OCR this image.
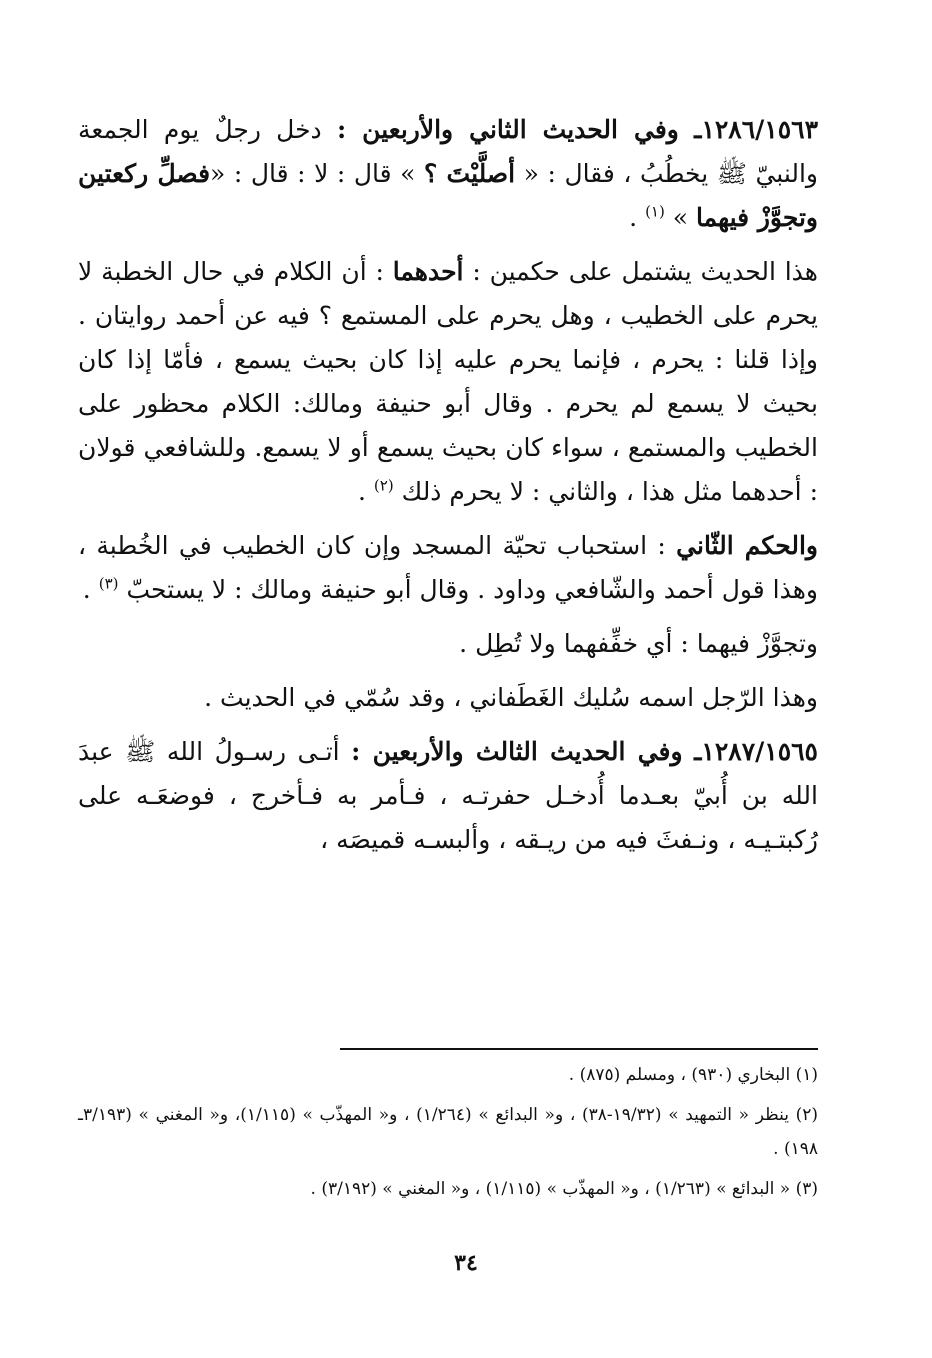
١٢٨٦/١٥٦٣ـ وفي الحديث الثاني والأربعين : دخل رجلٌ يوم الجمعة والنبيّ ﷺ يخطُبُ ، فقال : « أصلَّيْتَ ؟ » قال : لا : قال : «فصلِّ ركعتين وتجوَّزْ فيهما » $^{(١)}$ .

هذا الحديث يشتمل على حكمين : أحدهما : أن الكلام في حال الخطبة لا يحرم على الخطيب ، وهل يحرم على المستمع ؟ فيه عن أحمد روايتان . وإذا قلنا : يحرم ، فإنما يحرم عليه إذا كان بحيث يسمع ، فأمّا إذا كان بحيث لا يسمع لم يحرم . وقال أبو حنيفة ومالك: الكلام محظور على الخطيب والمستمع ، سواء كان بحيث يسمع أو لا يسمع. وللشافعي قولان : أحدهما مثل هذا ، والثاني : لا يحرم ذلك $^{(٢)}$ .

والحكم الثّاني : استحباب تحيّة المسجد وإن كان الخطيب في الخُطبة ، وهذا قول أحمد والشّافعي وداود . وقال أبو حنيفة ومالك : لا يستحبّ $^{(٣)}$ .

وتجوَّزْ فيهما : أي خفِّفهما ولا تُطِل .

وهذا الرّجل اسمه سُليك الغَطَفاني ، وقد سُمّي في الحديث .

١٢٨٧/١٥٦٥ـ وفي الحديث الثالث والأربعين : أتـى رسـولُ الله ﷺ عبدَ الله بن أُبيّ بعـدما أُدخـل حفرتـه ، فـأمر به فـأخرج ، فوضعَـه على رُكبتـيـه ، ونـفثَ فيه من ريـقه ، وألبسـه قميصَه ،

(١) البخاري (٩٣٠) ، ومسلم (٨٧٥) .

(٢) ينظر « التمهيد » (١٩/٣٢-٣٨) ، و« البدائع » (١/٢٦٤) ، و« المهذّب » (١/١١٥)، و« المغني » (٣/١٩٣ـ ١٩٨) .

(٣) « البدائع » (١/٢٦٣) ، و« المهذّب » (١/١١٥) ، و« المغني » (٣/١٩٢) .

٣٤
